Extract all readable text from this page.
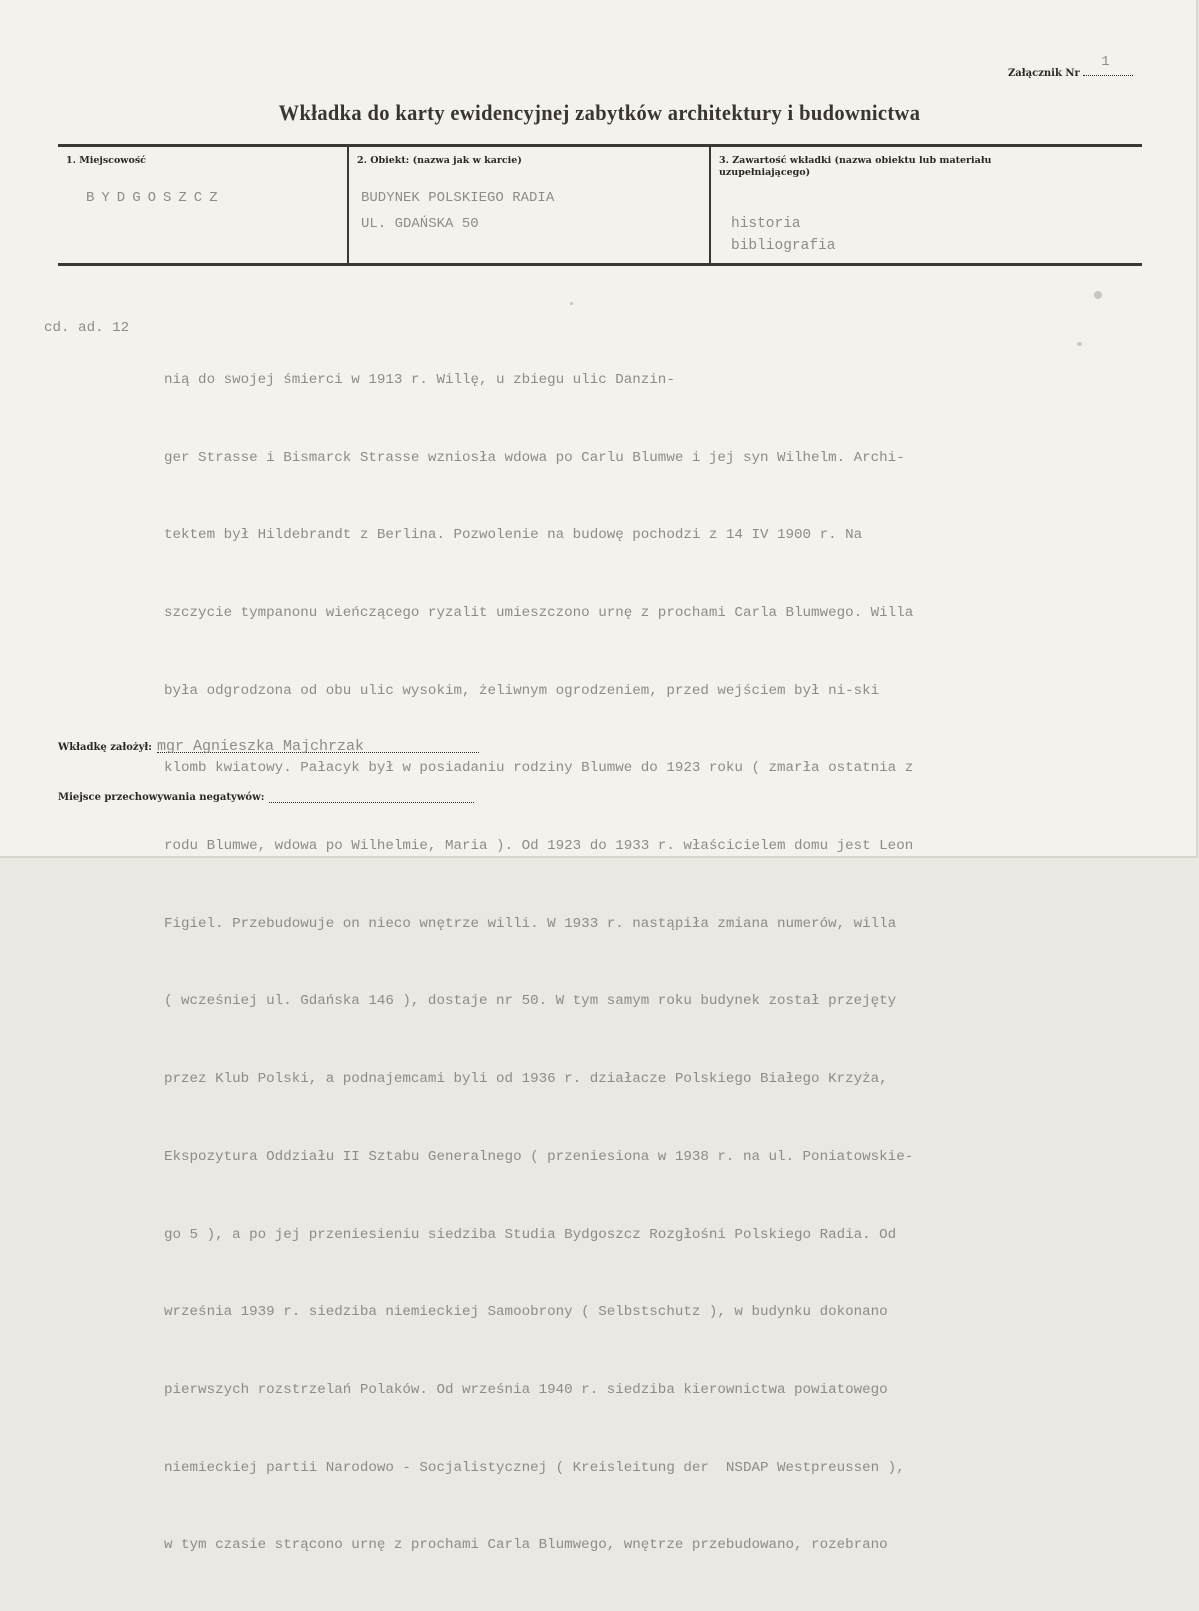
Załącznik Nr
1
Wkładka do karty ewidencyjnej zabytków architektury i budownictwa
1. Miejscowość
BYDGOSZCZ
2. Obiekt: (nazwa jak w karcie)
BUDYNEK POLSKIEGO RADIA
UL. GDAŃSKA 50
3. Zawartość wkładki (nazwa obiektu lub materiału uzupełniającego)
historia
bibliografia
cd. ad. 12

nią do swojej śmierci w 1913 r. Willę, u zbiegu ulic Danzin-

ger Strasse i Bismarck Strasse wzniosła wdowa po Carlu Blumwe i jej syn Wilhelm. Archi-

tektem był Hildebrandt z Berlina. Pozwolenie na budowę pochodzi z 14 IV 1900 r. Na

szczycie tympanonu wieńczącego ryzalit umieszczono urnę z prochami Carla Blumwego. Willa

była odgrodzona od obu ulic wysokim, żeliwnym ogrodzeniem, przed wejściem był ni-ski

klomb kwiatowy. Pałacyk był w posiadaniu rodziny Blumwe do 1923 roku ( zmarła ostatnia z

rodu Blumwe, wdowa po Wilhelmie, Maria ). Od 1923 do 1933 r. właścicielem domu jest Leon

Figiel. Przebudowuje on nieco wnętrze willi. W 1933 r. nastąpiła zmiana numerów, willa

( wcześniej ul. Gdańska 146 ), dostaje nr 50. W tym samym roku budynek został przejęty

przez Klub Polski, a podnajemcami byli od 1936 r. działacze Polskiego Białego Krzyża,

Ekspozytura Oddziału II Sztabu Generalnego ( przeniesiona w 1938 r. na ul. Poniatowskie-

go 5 ), a po jej przeniesieniu siedziba Studia Bydgoszcz Rozgłośni Polskiego Radia. Od

września 1939 r. siedziba niemieckiej Samoobrony ( Selbstschutz ), w budynku dokonano

pierwszych rozstrzelań Polaków. Od września 1940 r. siedziba kierownictwa powiatowego

niemieckiej partii Narodowo - Socjalistycznej ( Kreisleitung der  NSDAP Westpreussen ),

w tym czasie strącono urnę z prochami Carla Blumwego, wnętrze przebudowano, rozebrano

Wkładkę założył: mgr Agnieszka Majchrzak
Miejsce przechowywania negatywów:
